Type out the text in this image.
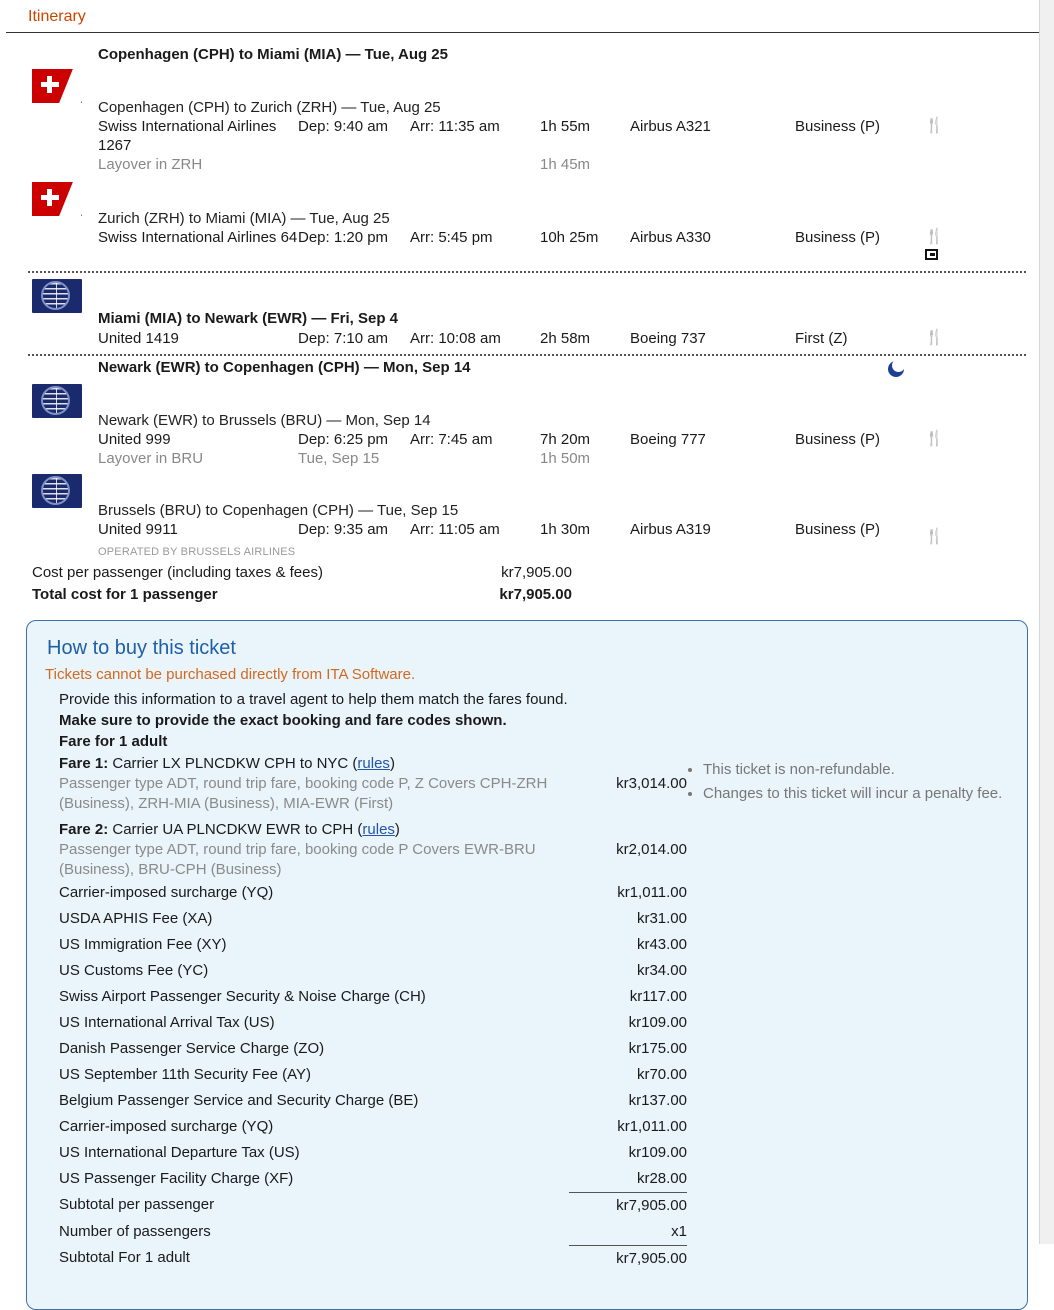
Itinerary
Copenhagen (CPH) to Miami (MIA) — Tue, Aug 25
Copenhagen (CPH) to Zurich (ZRH) — Tue, Aug 25
Swiss International Airlines 1267
Dep: 9:40 am	Arr: 11:35 am	1h 55m	Airbus A321	Business (P)	🍴
Layover in ZRH	1h 45m
Zurich (ZRH) to Miami (MIA) — Tue, Aug 25
Swiss International Airlines 64 Dep: 1:20 pm	Arr: 5:45 pm	10h 25m	Airbus A330	Business (P)	🍴
Miami (MIA) to Newark (EWR) — Fri, Sep 4
United 1419	Dep: 7:10 am	Arr: 10:08 am	2h 58m	Boeing 737	First (Z)	🍴
Newark (EWR) to Copenhagen (CPH) — Mon, Sep 14
Newark (EWR) to Brussels (BRU) — Mon, Sep 14
United 999	Dep: 6:25 pm	Arr: 7:45 am	7h 20m	Boeing 777	Business (P)	🍴
Layover in BRU	Tue, Sep 15	1h 50m
Brussels (BRU) to Copenhagen (CPH) — Tue, Sep 15
United 9911	Dep: 9:35 am	Arr: 11:05 am	1h 30m	Airbus A319	Business (P)	🍴
OPERATED BY BRUSSELS AIRLINES
Cost per passenger (including taxes & fees)	kr7,905.00
Total cost for 1 passenger	kr7,905.00
How to buy this ticket
Tickets cannot be purchased directly from ITA Software.
Provide this information to a travel agent to help them match the fares found.
Make sure to provide the exact booking and fare codes shown.
Fare for 1 adult
Fare 1: Carrier LX PLNCDKW CPH to NYC (rules)
Passenger type ADT, round trip fare, booking code P, Z Covers CPH-ZRH (Business), ZRH-MIA (Business), MIA-EWR (First)
kr3,014.00
Fare 2: Carrier UA PLNCDKW EWR to CPH (rules)
Passenger type ADT, round trip fare, booking code P Covers EWR-BRU (Business), BRU-CPH (Business)
kr2,014.00
• This ticket is non-refundable.
• Changes to this ticket will incur a penalty fee.
Carrier-imposed surcharge (YQ)	kr1,011.00
USDA APHIS Fee (XA)	kr31.00
US Immigration Fee (XY)	kr43.00
US Customs Fee (YC)	kr34.00
Swiss Airport Passenger Security & Noise Charge (CH)	kr117.00
US International Arrival Tax (US)	kr109.00
Danish Passenger Service Charge (ZO)	kr175.00
US September 11th Security Fee (AY)	kr70.00
Belgium Passenger Service and Security Charge (BE)	kr137.00
Carrier-imposed surcharge (YQ)	kr1,011.00
US International Departure Tax (US)	kr109.00
US Passenger Facility Charge (XF)	kr28.00
Subtotal per passenger	kr7,905.00
Number of passengers	x1
Subtotal For 1 adult	kr7,905.00
